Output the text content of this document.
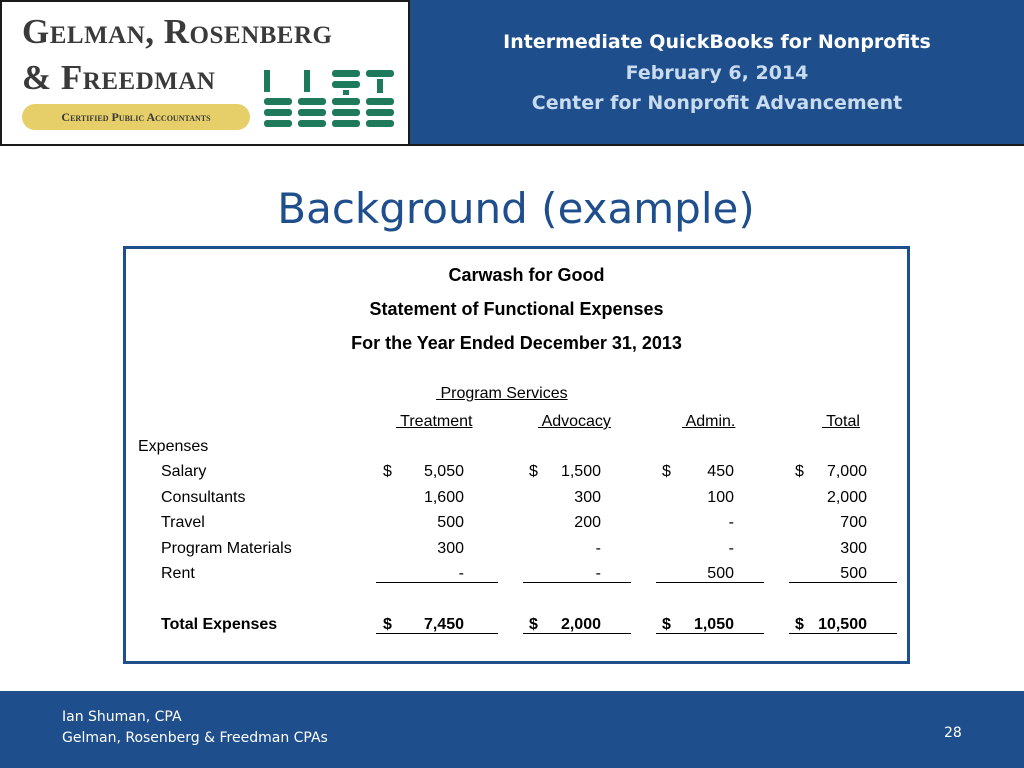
Gelman, Rosenberg
& Freedman
Certified Public Accountants
Intermediate QuickBooks for Nonprofits
February 6, 2014
Center for Nonprofit Advancement
Background (example)
Carwash for Good
Statement of Functional Expenses
For the Year Ended December 31, 2013
Program Services
Treatment	Advocacy	Admin.	Total
Expenses
Salary	$	5,050	$	1,500	$	450	$	7,000
Consultants	1,600	300	100	2,000
Travel	500	200	-	700
Program Materials	300	-	-	300
Rent	-	-	500	500
Total Expenses	$	7,450	$	2,000	$	1,050	$ 10,500
Ian Shuman, CPA
Gelman, Rosenberg & Freedman CPAs	28
